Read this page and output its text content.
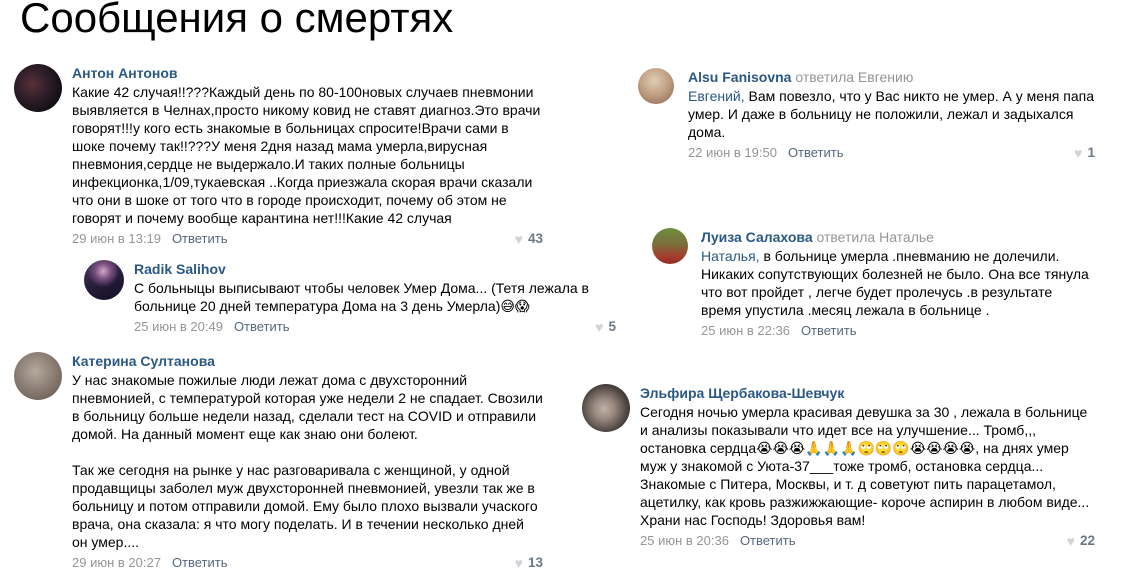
Сообщения о смертях
Антон Антонов
Какие 42 случая!!???Каждый день по 80-100новых случаев пневмонии выявляется в Челнах,просто никому ковид не ставят диагноз.Это врачи говорят!!!у кого есть знакомые в больницах спросите!Врачи сами в шоке почему так!!???У меня 2дня назад мама умерла,вирусная пневмония,сердце не выдержало.И таких полные больницы инфекционка,1/09,тукаевская ..Когда приезжала скорая врачи сказали что они в шоке от того что в городе происходит, почему об этом не говорят и почему вообще карантина нет!!!Какие 42 случая
29 июн в 13:19 Ответить	♥ 43
Radik Salihov
С больныцы выписывают чтобы человек Умер Дома... (Тетя лежала в больнице 20 дней температура Дома на 3 день Умерла)😅😱
25 июн в 20:49 Ответить	♥ 5
Катерина Султанова
У нас знакомые пожилые люди лежат дома с двухсторонний пневмонией, с температурой которая уже недели 2 не спадает. Свозили в больницу больше недели назад, сделали тест на COVID и отправили домой. На данный момент еще как знаю они болеют.
Так же сегодня на рынке у нас разговаривала с женщиной, у одной продавщицы заболел муж двухсторонней пневмонией, увезли так же в больницу и потом отправили домой. Ему было плохо вызвали учаского врача, она сказала: я что могу поделать. И в течении несколько дней он умер....
29 июн в 20:27 Ответить	♥ 13
Alsu Fanisovna ответила Евгению
Евгений, Вам повезло, что у Вас никто не умер. А у меня папа умер. И даже в больницу не положили, лежал и задыхался дома.
22 июн в 19:50 Ответить	♥ 1
Луиза Салахова ответила Наталье
Наталья, в больнице умерла .пневманию не долечили. Никаких сопутствующих болезней не было. Она все тянула что вот пройдет , легче будет пролечусь .в результате время упустила .месяц лежала в больнице .
25 июн в 22:36 Ответить
Эльфира Щербакова-Шевчук
Сегодня ночью умерла красивая девушка за 30 , лежала в больнице и анализы показывали что идет все на улучшение... Тромб,,, остановка сердца😭😭😭🙏🙏🙏🙄🙄🙄😭😭😭😭, на днях умер муж у знакомой с Уюта-37___тоже тромб, остановка сердца... Знакомые с Питера, Москвы, и т. д советуют пить парацетамол, ацетилку, как кровь разжижжающие- короче аспирин в любом виде... Храни нас Господь! Здоровья вам!
25 июн в 20:36 Ответить	♥ 22
